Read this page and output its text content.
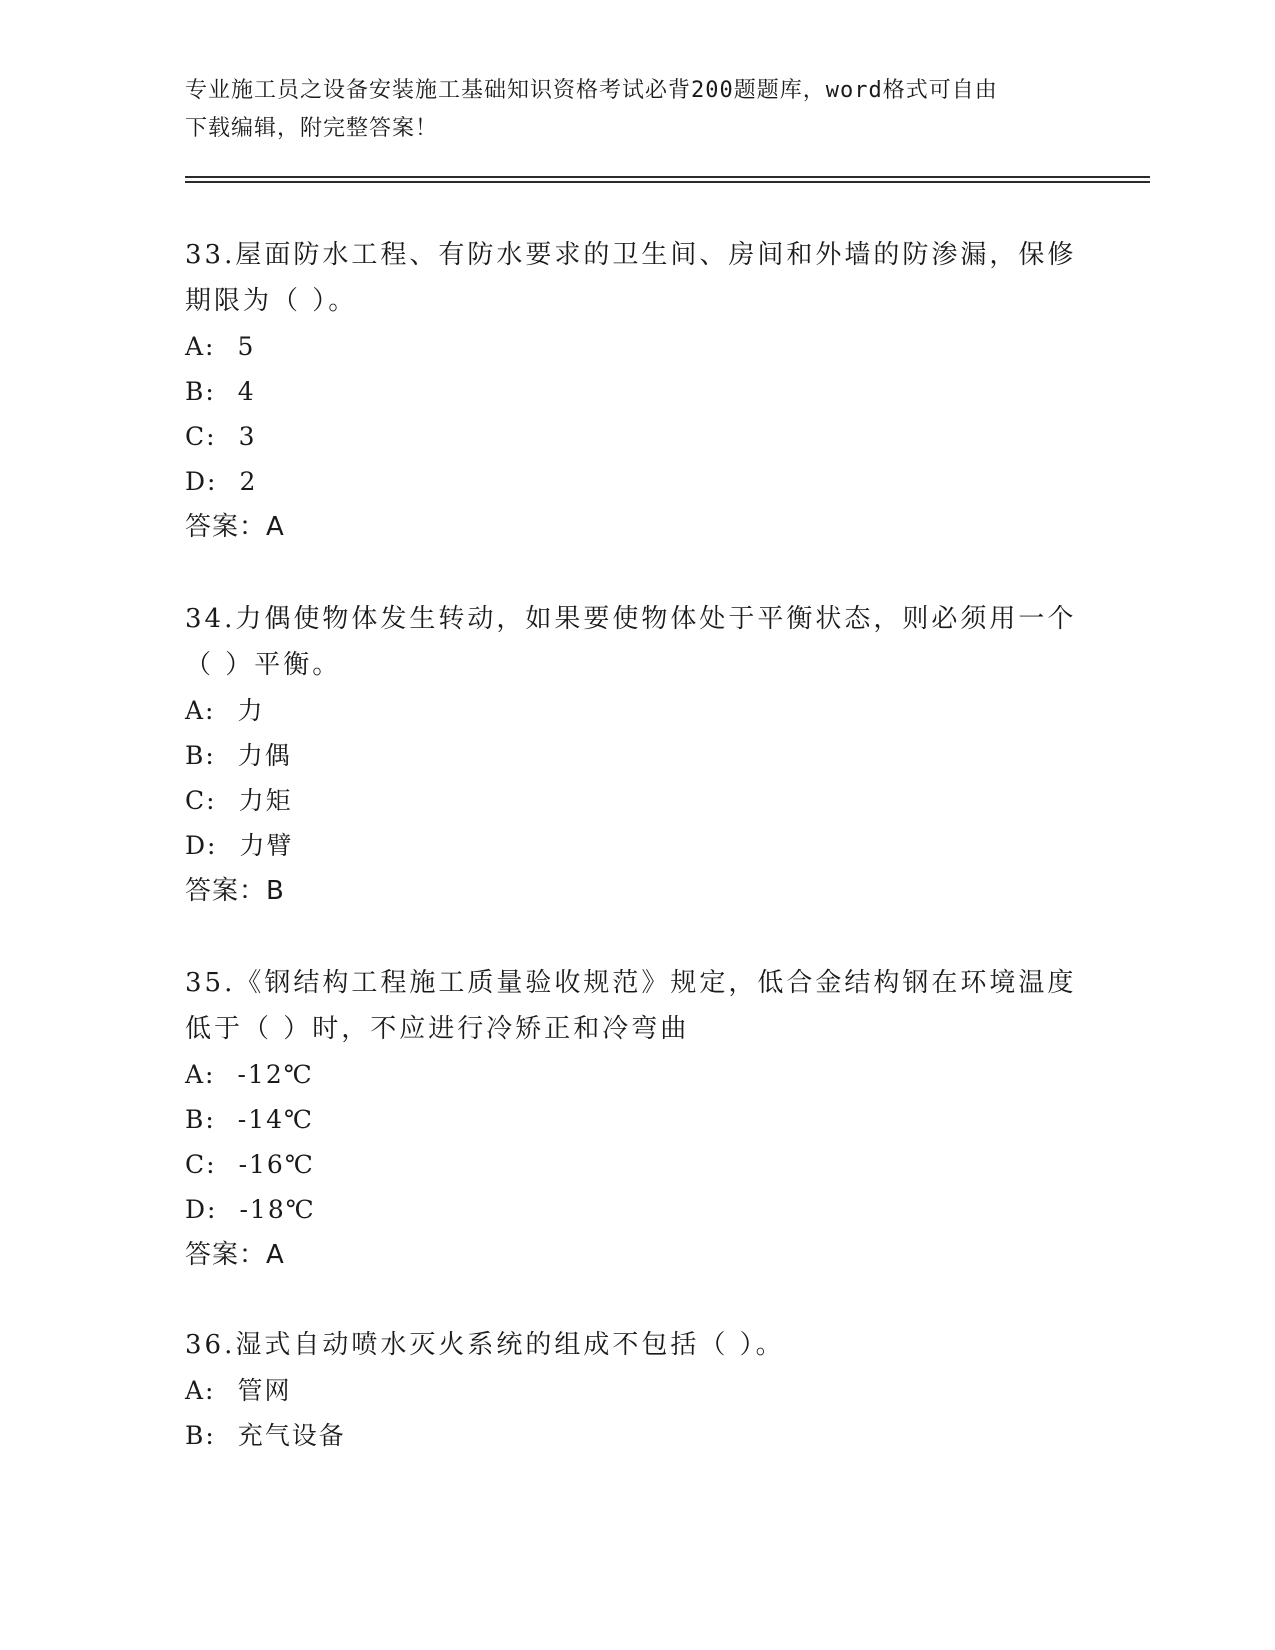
专业施工员之设备安装施工基础知识资格考试必背200题题库，word格式可自由
下载编辑，附完整答案！

33.屋面防水工程、有防水要求的卫生间、房间和外墙的防渗漏，保修

期限为（ ）。

A: 5

B: 4

C: 3

D: 2

答案：A

34.力偶使物体发生转动，如果要使物体处于平衡状态，则必须用一个

（ ）平衡。

A: 力

B: 力偶

C: 力矩

D: 力臂

答案：B

35.《钢结构工程施工质量验收规范》规定，低合金结构钢在环境温度

低于（ ）时，不应进行冷矫正和冷弯曲

A: -12℃

B: -14℃

C: -16℃

D: -18℃

答案：A

36.湿式自动喷水灭火系统的组成不包括（ ）。

A: 管网

B: 充气设备
